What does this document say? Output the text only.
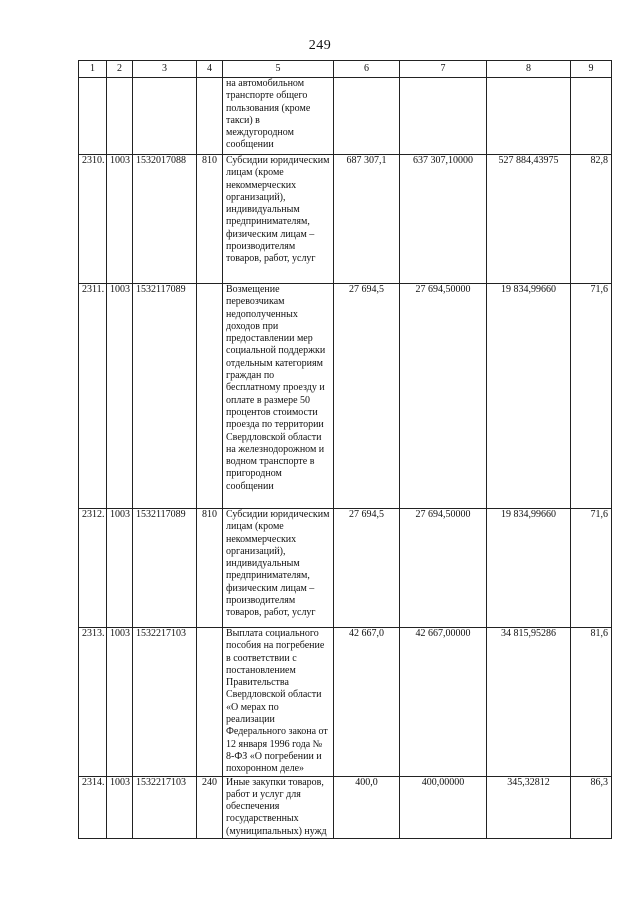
249
1	2	3	4	5	6	7	8	9
				на автомобильном транспорте общего пользования (кроме такси) в междугородном сообщении				
2310.	1003	1532017088	810	Субсидии юридическим лицам (кроме некоммерческих организаций), индивидуальным предпринимателям, физическим лицам – производителям товаров, работ, услуг	687 307,1	637 307,10000	527 884,43975	82,8
2311.	1003	1532117089		Возмещение перевозчикам недополученных доходов при предоставлении мер социальной поддержки отдельным категориям граждан по бесплатному проезду и оплате в размере 50 процентов стоимости проезда по территории Свердловской области на железнодорожном и водном транспорте в пригородном сообщении	27 694,5	27 694,50000	19 834,99660	71,6
2312.	1003	1532117089	810	Субсидии юридическим лицам (кроме некоммерческих организаций), индивидуальным предпринимателям, физическим лицам – производителям товаров, работ, услуг	27 694,5	27 694,50000	19 834,99660	71,6
2313.	1003	1532217103		Выплата социального пособия на погребение в соответствии с постановлением Правительства Свердловской области «О мерах по реализации Федерального закона от 12 января 1996 года № 8-ФЗ «О погребении и похоронном деле»	42 667,0	42 667,00000	34 815,95286	81,6
2314.	1003	1532217103	240	Иные закупки товаров, работ и услуг для обеспечения государственных (муниципальных) нужд	400,0	400,00000	345,32812	86,3
